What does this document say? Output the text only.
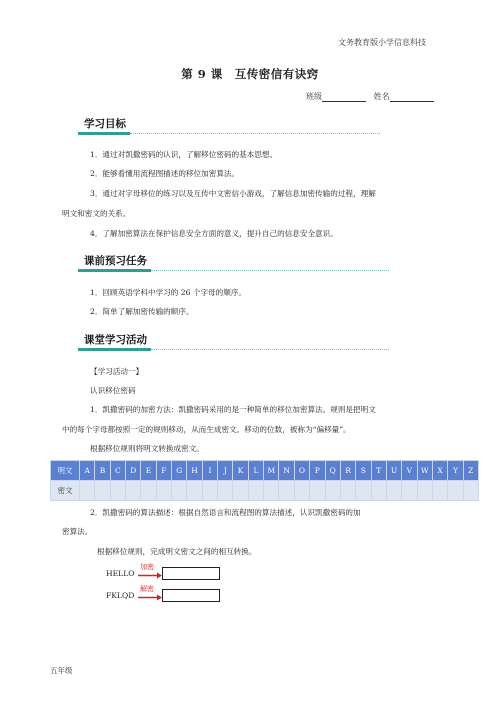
文务教育版小学信息科技
第 9 课　互传密信有诀窍
班级	姓名
学习目标
1．通过对凯撒密码的认识，了解移位密码的基本思想。
2．能够看懂用流程图描述的移位加密算法。
3．通过对字母移位的练习以及互传中文密信小游戏，了解信息加密传输的过程，理解
明文和密文的关系。
4．了解加密算法在保护信息安全方面的意义，提升自己的信息安全意识。
课前预习任务
1．回顾英语学科中学习的 26 个字母的顺序。
2．简单了解加密传输的顺序。
课堂学习活动
【学习活动一】
认识移位密码
1．凯撒密码的加密方法：凯撒密码采用的是一种简单的移位加密算法。规则是把明文
中的每个字母都按照一定的规则移动，从而生成密文。移动的位数，被称为“偏移量”。
根据移位规则将明文转换成密文。
明文	A	B	C	D	E	F	G	H	I	J	K	L	M	N	O	P	Q	R	S	T	U	V	W	X	Y	Z
密文																										
2．凯撒密码的算法描述：根据自然语言和流程图的算法描述，认识凯撒密码的加
密算法。
根据移位规则，完成明文密文之间的相互转换。
HELLO
加密
FKLQD
解密
五年级
